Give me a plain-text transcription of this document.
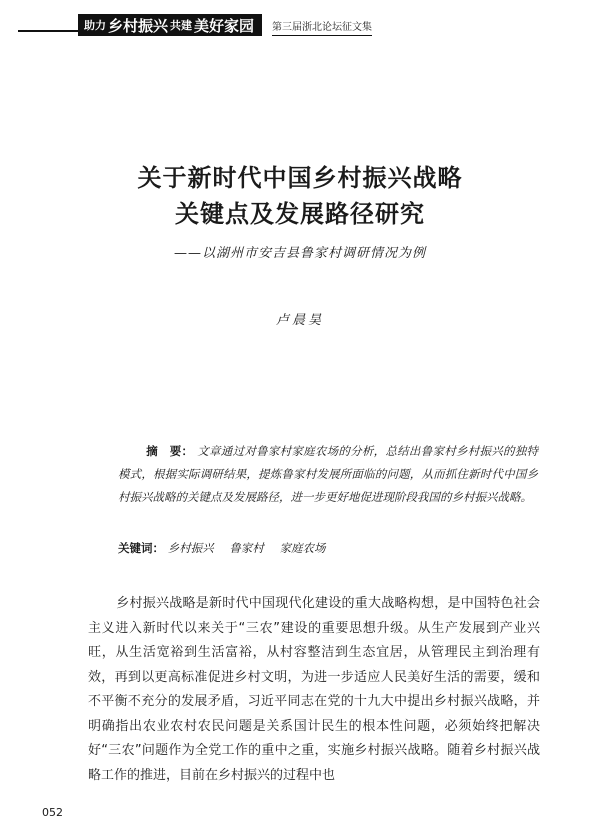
助力 乡村振兴 共建 美好家园 第三届浙北论坛征文集
关于新时代中国乡村振兴战略
关键点及发展路径研究
——以湖州市安吉县鲁家村调研情况为例
卢晨昊

摘　要： 文章通过对鲁家村家庭农场的分析，总结出鲁家村乡村振兴的独特模式，根据实际调研结果，提炼鲁家村发展所面临的问题，从而抓住新时代中国乡村振兴战略的关键点及发展路径，进一步更好地促进现阶段我国的乡村振兴战略。

关键词： 乡村振兴 鲁家村 家庭农场

乡村振兴战略是新时代中国现代化建设的重大战略构想，是中国特色社会主义进入新时代以来关于“三农”建设的重要思想升级。从生产发展到产业兴旺，从生活宽裕到生活富裕，从村容整洁到生态宜居，从管理民主到治理有效，再到以更高标准促进乡村文明，为进一步适应人民美好生活的需要，缓和不平衡不充分的发展矛盾，习近平同志在党的十九大中提出乡村振兴战略，并明确指出农业农村农民问题是关系国计民生的根本性问题，必须始终把解决好“三农”问题作为全党工作的重中之重，实施乡村振兴战略。随着乡村振兴战略工作的推进，目前在乡村振兴的过程中也

052
